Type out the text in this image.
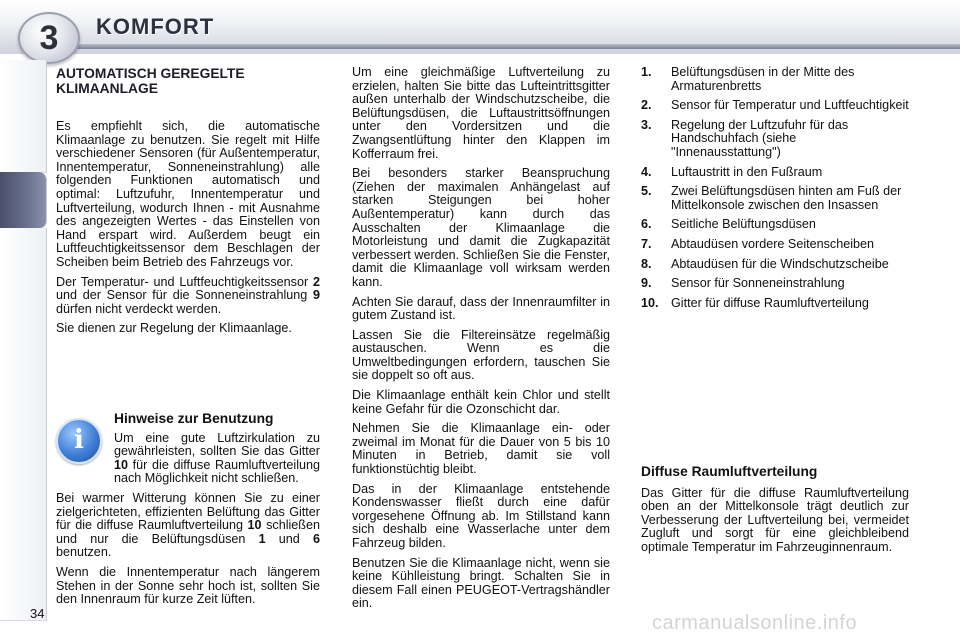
3	KOMFORT
AUTOMATISCH GEREGELTE KLIMAANLAGE

Es empfiehlt sich, die automatische Klimaanlage zu benutzen. Sie regelt mit Hilfe verschiedener Sensoren (für Außentemperatur, Innentemperatur, Sonneneinstrahlung) alle folgenden Funktionen automatisch und optimal: Luftzufuhr, Innentemperatur und Luftverteilung, wodurch Ihnen - mit Ausnahme des angezeigten Wertes - das Einstellen von Hand erspart wird. Außerdem beugt ein Luftfeuchtigkeitssensor dem Beschlagen der Scheiben beim Betrieb des Fahrzeugs vor.

Der Temperatur- und Luftfeuchtigkeitssensor 2 und der Sensor für die Sonneneinstrahlung 9 dürfen nicht verdeckt werden.

Sie dienen zur Regelung der Klimaanlage.

i
Hinweise zur Benutzung

Um eine gute Luftzirkulation zu gewährleisten, sollten Sie das Gitter 10 für die diffuse Raumluftverteilung nach Möglichkeit nicht schließen.

Bei warmer Witterung können Sie zu einer zielgerichteten, effizienten Belüftung das Gitter für die diffuse Raumluftverteilung 10 schließen und nur die Belüftungsdüsen 1 und 6 benutzen.

Wenn die Innentemperatur nach längerem Stehen in der Sonne sehr hoch ist, sollten Sie den Innenraum für kurze Zeit lüften.

Um eine gleichmäßige Luftverteilung zu erzielen, halten Sie bitte das Lufteintrittsgitter außen unterhalb der Windschutzscheibe, die Belüftungsdüsen, die Luftaustrittsöffnungen unter den Vordersitzen und die Zwangsentlüftung hinter den Klappen im Kofferraum frei.

Bei besonders starker Beanspruchung (Ziehen der maximalen Anhängelast auf starken Steigungen bei hoher Außentemperatur) kann durch das Ausschalten der Klimaanlage die Motorleistung und damit die Zugkapazität verbessert werden. Schließen Sie die Fenster, damit die Klimaanlage voll wirksam werden kann.

Achten Sie darauf, dass der Innenraumfilter in gutem Zustand ist.

Lassen Sie die Filtereinsätze regelmäßig austauschen. Wenn es die Umweltbedingungen erfordern, tauschen Sie sie doppelt so oft aus.

Die Klimaanlage enthält kein Chlor und stellt keine Gefahr für die Ozonschicht dar.

Nehmen Sie die Klimaanlage ein- oder zweimal im Monat für die Dauer von 5 bis 10 Minuten in Betrieb, damit sie voll funktionstüchtig bleibt.

Das in der Klimaanlage entstehende Kondenswasser fließt durch eine dafür vorgesehene Öffnung ab. Im Stillstand kann sich deshalb eine Wasserlache unter dem Fahrzeug bilden.

Benutzen Sie die Klimaanlage nicht, wenn sie keine Kühlleistung bringt. Schalten Sie in diesem Fall einen PEUGEOT-Vertragshändler ein.

1. Belüftungsdüsen in der Mitte des Armaturenbretts
2. Sensor für Temperatur und Luftfeuchtigkeit
3. Regelung der Luftzufuhr für das Handschuhfach (siehe "Innenausstattung")
4. Luftaustritt in den Fußraum
5. Zwei Belüftungsdüsen hinten am Fuß der Mittelkonsole zwischen den Insassen
6. Seitliche Belüftungsdüsen
7. Abtaudüsen vordere Seitenscheiben
8. Abtaudüsen für die Windschutzscheibe
9. Sensor für Sonneneinstrahlung
10. Gitter für diffuse Raumluftverteilung
Diffuse Raumluftverteilung

Das Gitter für die diffuse Raumluftverteilung oben an der Mittelkonsole trägt deutlich zur Verbesserung der Luftverteilung bei, vermeidet Zugluft und sorgt für eine gleichbleibend optimale Temperatur im Fahrzeuginnenraum.

34	carmanualsonline.info
